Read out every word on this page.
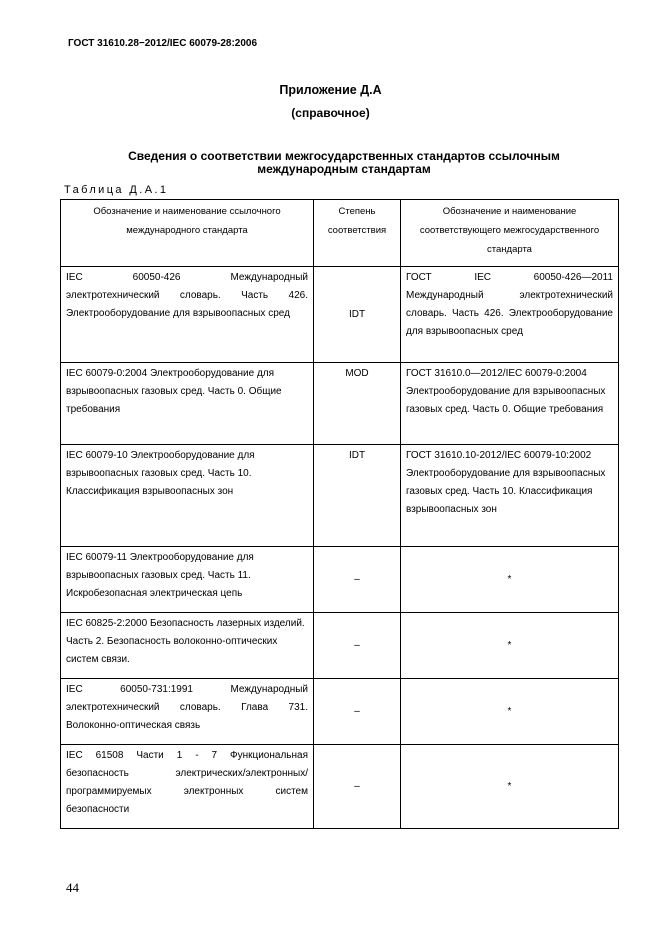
ГОСТ 31610.28−2012/IEC 60079-28:2006
Приложение Д.А
(справочное)
Сведения о соответствии межгосударственных стандартов ссылочным
международным стандартам
Таблица Д.А.1
Обозначение и наименование ссылочного международного стандарта	Степень соответствия	Обозначение и наименование соответствующего межгосударственного стандарта
IEC 60050-426 Международный электротехнический словарь. Часть 426. Электрооборудование для взрывоопасных сред	IDT	ГОСТ IEC 60050-426—2011 Международный электротехнический словарь. Часть 426. Электрооборудование для взрывоопасных сред
IEC 60079-0:2004 Электрооборудование для взрывоопасных газовых сред. Часть 0. Общие требования	MOD	ГОСТ 31610.0—2012/IEC 60079-0:2004 Электрооборудование для взрывоопасных газовых сред. Часть 0. Общие требования
IEC 60079-10 Электрооборудование для взрывоопасных газовых сред. Часть 10. Классификация взрывоопасных зон	IDT	ГОСТ 31610.10-2012/IEC 60079-10:2002 Электрооборудование для взрывоопасных газовых сред. Часть 10. Классификация взрывоопасных зон
IEC 60079-11 Электрооборудование для взрывоопасных газовых сред. Часть 11. Искробезопасная электрическая цепь	–	*
IEC 60825-2:2000 Безопасность лазерных изделий. Часть 2. Безопасность волоконно-оптических систем связи.	–	*
IEC 60050-731:1991 Международный электротехнический словарь. Глава 731. Волоконно-оптическая связь	–	*
IEC 61508 Части 1 - 7 Функциональная безопасность электрических/электронных/программируемых электронных систем безопасности	–	*
44
